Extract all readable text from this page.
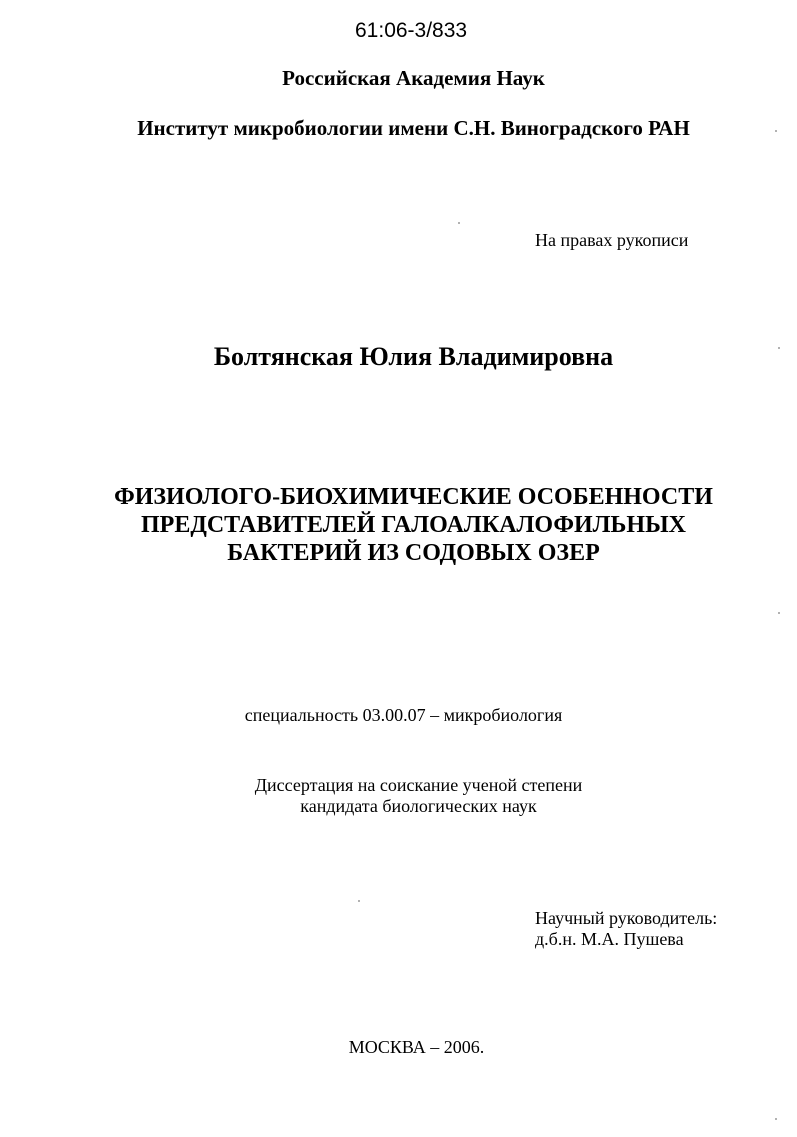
61:06-3/833

Российская Академия Наук

Институт микробиологии имени С.Н. Виноградского РАН

На правах рукописи

Болтянская Юлия Владимировна

ФИЗИОЛОГО-БИОХИМИЧЕСКИЕ ОСОБЕННОСТИ
ПРЕДСТАВИТЕЛЕЙ ГАЛОАЛКАЛОФИЛЬНЫХ
БАКТЕРИЙ ИЗ СОДОВЫХ ОЗЕР

специальность 03.00.07 – микробиология

Диссертация на соискание ученой степени
кандидата биологических наук
Научный руководитель:
д.б.н. М.А. Пушева

МОСКВА – 2006.
